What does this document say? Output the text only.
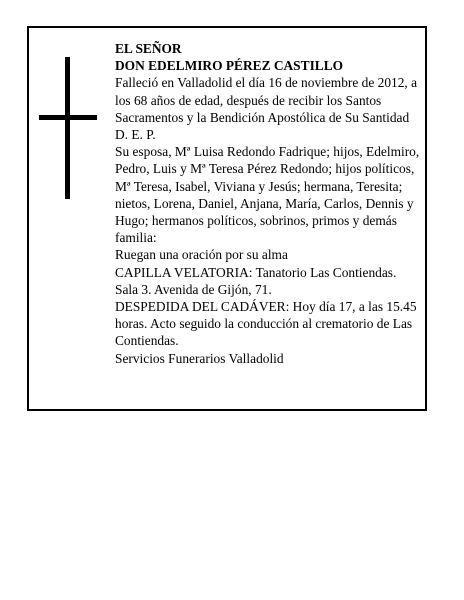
EL SEÑOR

DON EDELMIRO PÉREZ CASTILLO

Falleció en Valladolid el día 16 de noviembre de 2012, a los 68 años de edad, después de recibir los Santos Sacramentos y la Bendición Apostólica de Su Santidad D. E. P.

Su esposa, Mª Luisa Redondo Fadrique; hijos, Edelmiro, Pedro, Luis y Mª Teresa Pérez Redondo; hijos políticos, Mª Teresa, Isabel, Viviana y Jesús; hermana, Teresita; nietos, Lorena, Daniel, Anjana, María, Carlos, Dennis y Hugo; hermanos políticos, sobrinos, primos y demás familia:

Ruegan una oración por su alma

CAPILLA VELATORIA: Tanatorio Las Contiendas. Sala 3. Avenida de Gijón, 71.

DESPEDIDA DEL CADÁVER: Hoy día 17, a las 15.45 horas. Acto seguido la conducción al crematorio de Las Contiendas.

Servicios Funerarios Valladolid
